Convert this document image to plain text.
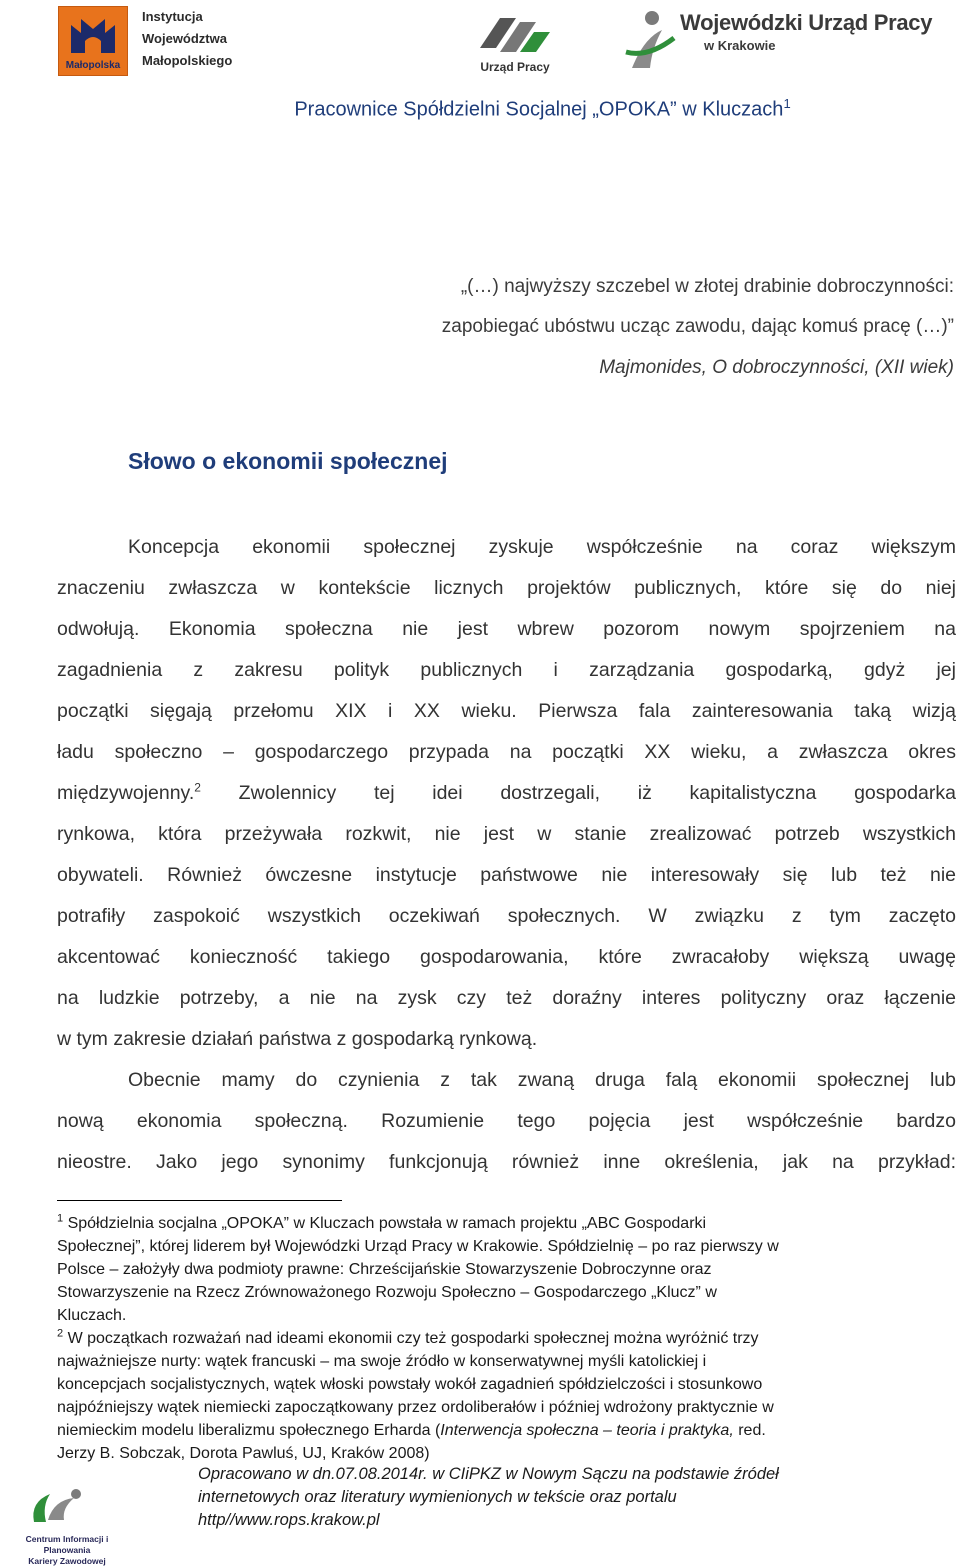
Małopolska
Instytucja
Województwa
Małopolskiego	Urząd Pracy
Wojewódzki Urząd Pracy
w Krakowie
Pracownice Spółdzielni Socjalnej „OPOKA” w Kluczach$^1$
„(…) najwyższy szczebel w złotej drabinie dobroczynności:
zapobiegać ubóstwu ucząc zawodu, dając komuś pracę (…)”
Majmonides, O dobroczynności, (XII wiek)
Słowo o ekonomii społecznej
Koncepcja ekonomii społecznej zyskuje współcześnie na coraz większym
znaczeniu zwłaszcza w kontekście licznych projektów publicznych, które się do niej
odwołują. Ekonomia społeczna nie jest wbrew pozorom nowym spojrzeniem na
zagadnienia z zakresu polityk publicznych i zarządzania gospodarką, gdyż jej
początki sięgają przełomu XIX i XX wieku. Pierwsza fala zainteresowania taką wizją
ładu społeczno – gospodarczego przypada na początki XX wieku, a zwłaszcza okres
międzywojenny.$^2$ Zwolennicy tej idei dostrzegali, iż kapitalistyczna gospodarka
rynkowa, która przeżywała rozkwit, nie jest w stanie zrealizować potrzeb wszystkich
obywateli. Również ówczesne instytucje państwowe nie interesowały się lub też nie
potrafiły zaspokoić wszystkich oczekiwań społecznych. W związku z tym zaczęto
akcentować konieczność takiego gospodarowania, które zwracałoby większą uwagę
na ludzkie potrzeby, a nie na zysk czy też doraźny interes polityczny oraz łączenie
w tym zakresie działań państwa z gospodarką rynkową.
Obecnie mamy do czynienia z tak zwaną druga falą ekonomii społecznej lub
nową ekonomia społeczną. Rozumienie tego pojęcia jest współcześnie bardzo
nieostre. Jako jego synonimy funkcjonują również inne określenia, jak na przykład:
$^1$ Spółdzielnia socjalna „OPOKA” w Kluczach powstała w ramach projektu „ABC Gospodarki
Społecznej”, której liderem był Wojewódzki Urząd Pracy w Krakowie. Spółdzielnię – po raz pierwszy w
Polsce – założyły dwa podmioty prawne: Chrześcijańskie Stowarzyszenie Dobroczynne oraz
Stowarzyszenie na Rzecz Zrównoważonego Rozwoju Społeczno – Gospodarczego „Klucz” w
Kluczach.
$^2$ W początkach rozważań nad ideami ekonomii czy też gospodarki społecznej można wyróżnić trzy
najważniejsze nurty: wątek francuski – ma swoje źródło w konserwatywnej myśli katolickiej i
koncepcjach socjalistycznych, wątek włoski powstały wokół zagadnień spółdzielczości i stosunkowo
najpóźniejszy wątek niemiecki zapoczątkowany przez ordoliberałów i później wdrożony praktycznie w
niemieckim modelu liberalizmu społecznego Erharda (Interwencja społeczna – teoria i praktyka, red.
Jerzy B. Sobczak, Dorota Pawluś, UJ, Kraków 2008)
Centrum Informacji i Planowania
Kariery Zawodowej
Opracowano w dn.07.08.2014r. w CIiPKZ w Nowym Sączu na podstawie źródeł
internetowych oraz literatury wymienionych w tekście oraz portalu
http//www.rops.krakow.pl
